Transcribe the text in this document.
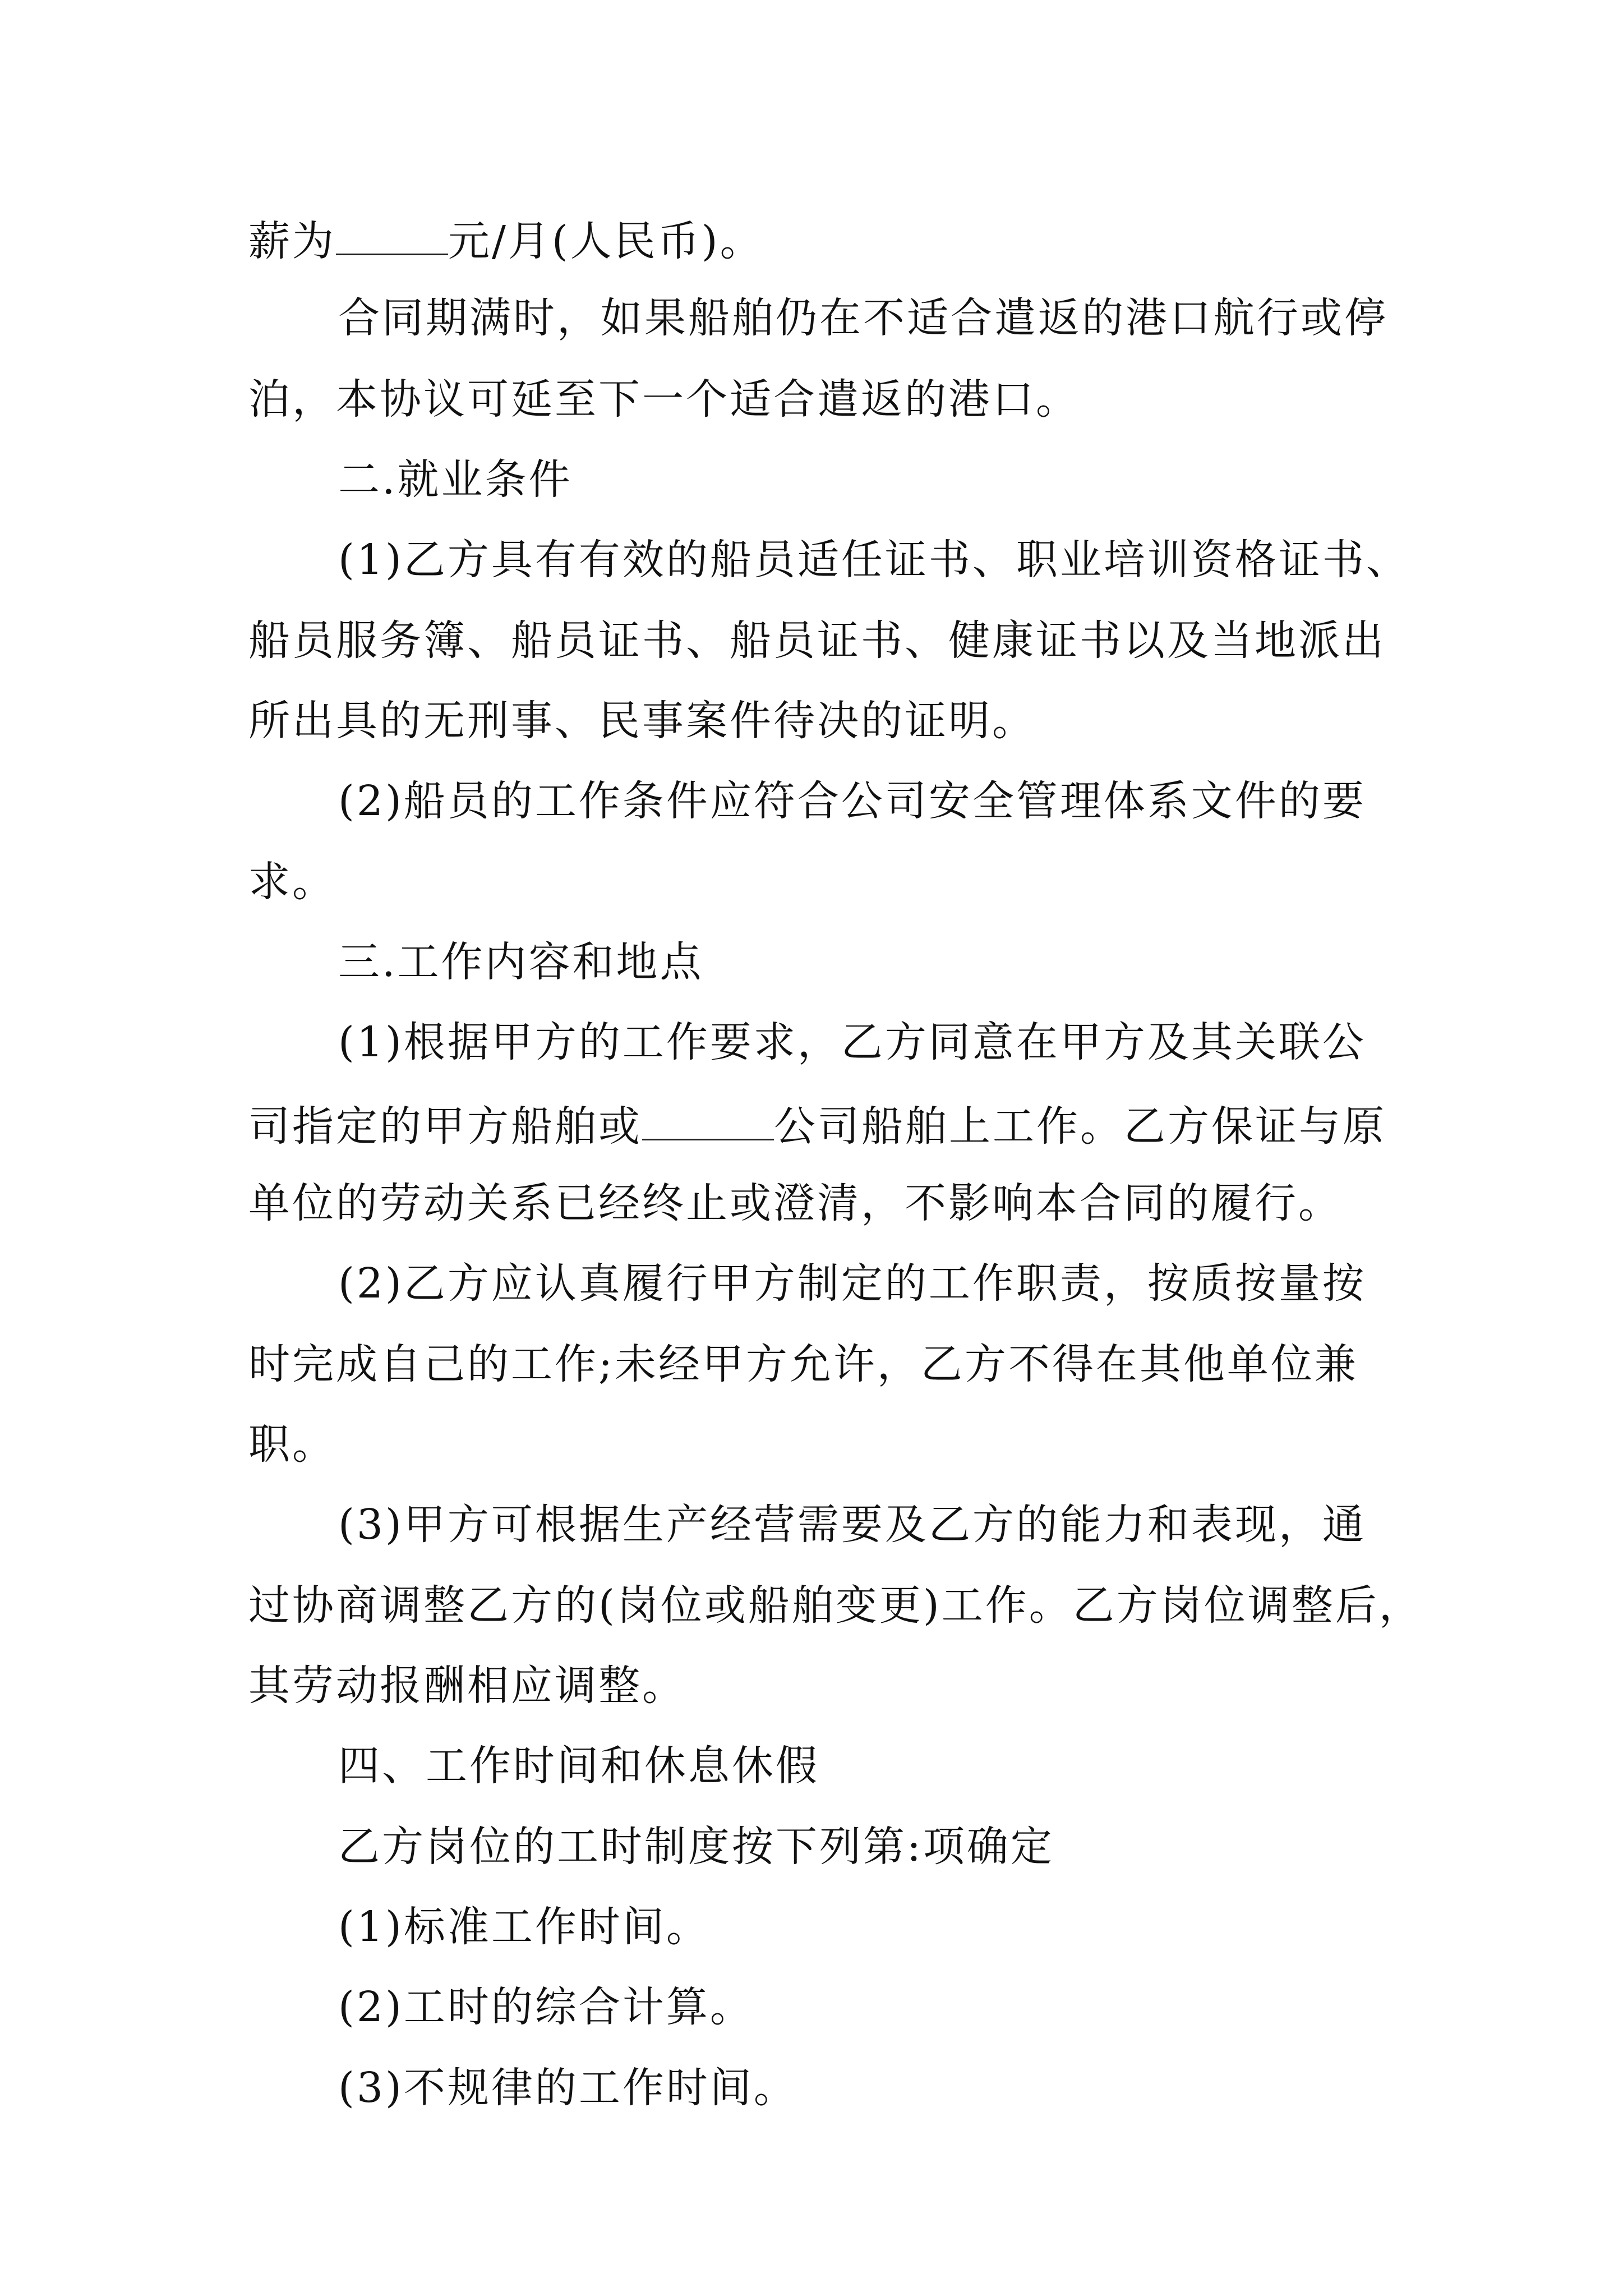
薪为	元/月(人民币)。
合同期满时，如果船舶仍在不适合遣返的港口航行或停
泊，本协议可延至下一个适合遣返的港口。
二.就业条件
(1)乙方具有有效的船员适任证书、职业培训资格证书、
船员服务簿、船员证书、船员证书、健康证书以及当地派出
所出具的无刑事、民事案件待决的证明。
(2)船员的工作条件应符合公司安全管理体系文件的要
求。
三.工作内容和地点
(1)根据甲方的工作要求，乙方同意在甲方及其关联公
司指定的甲方船舶或	公司船舶上工作。乙方保证与原
单位的劳动关系已经终止或澄清，不影响本合同的履行。
(2)乙方应认真履行甲方制定的工作职责，按质按量按
时完成自己的工作;未经甲方允许，乙方不得在其他单位兼
职。
(3)甲方可根据生产经营需要及乙方的能力和表现，通
过协商调整乙方的(岗位或船舶变更)工作。乙方岗位调整后，
其劳动报酬相应调整。
四、工作时间和休息休假
乙方岗位的工时制度按下列第:项确定
(1)标准工作时间。
(2)工时的综合计算。
(3)不规律的工作时间。
